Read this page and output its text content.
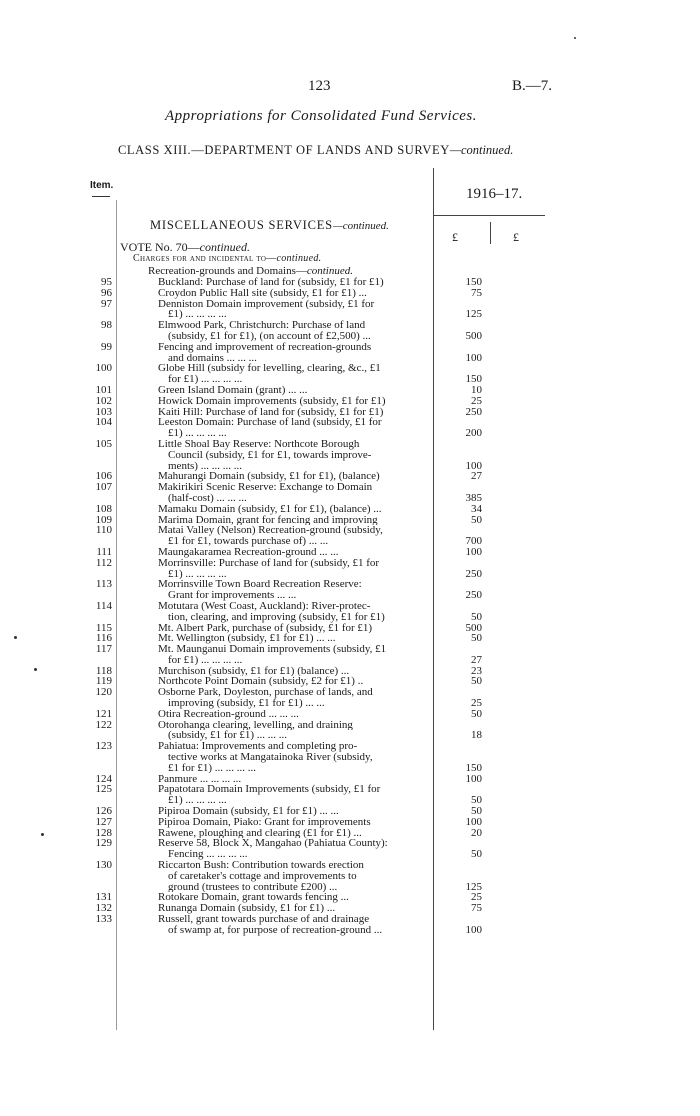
123	B.—7.
Appropriations for Consolidated Fund Services.
CLASS XIII.—DEPARTMENT OF LANDS AND SURVEY—continued.
Item.
1916–17.
£	£
MISCELLANEOUS SERVICES—continued.
VOTE No. 70—continued.
Charges for and incidental to—continued.
Recreation-grounds and Domains—continued.
95	Buckland: Purchase of land for (subsidy, £1 for £1)	150
96	Croydon Public Hall site (subsidy, £1 for £1) ...	75
97	Denniston Domain improvement (subsidy, £1 for
£1) ... ... ... ...	125
98	Elmwood Park, Christchurch: Purchase of land
(subsidy, £1 for £1), (on account of £2,500) ...	500
99	Fencing and improvement of recreation-grounds
and domains ... ... ...	100
100	Globe Hill (subsidy for levelling, clearing, &c., £1
for £1) ... ... ... ...	150
101	Green Island Domain (grant) ... ...	10
102	Howick Domain improvements (subsidy, £1 for £1)	25
103	Kaiti Hill: Purchase of land for (subsidy, £1 for £1)	250
104	Leeston Domain: Purchase of land (subsidy, £1 for
£1) ... ... ... ...	200
105	Little Shoal Bay Reserve: Northcote Borough
Council (subsidy, £1 for £1, towards improve-
ments) ... ... ... ...	100
106	Mahurangi Domain (subsidy, £1 for £1), (balance)	27
107	Makirikiri Scenic Reserve: Exchange to Domain
(half-cost) ... ... ...	385
108	Mamaku Domain (subsidy, £1 for £1), (balance) ...	34
109	Marima Domain, grant for fencing and improving	50
110	Matai Valley (Nelson) Recreation-ground (subsidy,
£1 for £1, towards purchase of) ... ...	700
111	Maungakaramea Recreation-ground ... ...	100
112	Morrinsville: Purchase of land for (subsidy, £1 for
£1) ... ... ... ...	250
113	Morrinsville Town Board Recreation Reserve:
Grant for improvements ... ...	250
114	Motutara (West Coast, Auckland): River-protec-
tion, clearing, and improving (subsidy, £1 for £1)	50
115	Mt. Albert Park, purchase of (subsidy, £1 for £1)	500
116	Mt. Wellington (subsidy, £1 for £1) ... ...	50
117	Mt. Maunganui Domain improvements (subsidy, £1
for £1) ... ... ... ...	27
118	Murchison (subsidy, £1 for £1) (balance) ...	23
119	Northcote Point Domain (subsidy, £2 for £1) ..	50
120	Osborne Park, Doyleston, purchase of lands, and
improving (subsidy, £1 for £1) ... ...	25
121	Otira Recreation-ground ... ... ...	50
122	Otorohanga clearing, levelling, and draining
(subsidy, £1 for £1) ... ... ...	18
123	Pahiatua: Improvements and completing pro-
tective works at Mangatainoka River (subsidy,
£1 for £1) ... ... ... ...	150
124	Panmure ... ... ... ...	100
125	Papatotara Domain Improvements (subsidy, £1 for
£1) ... ... ... ...	50
126	Pipiroa Domain (subsidy, £1 for £1) ... ...	50
127	Pipiroa Domain, Piako: Grant for improvements	100
128	Rawene, ploughing and clearing (£1 for £1) ...	20
129	Reserve 58, Block X, Mangahao (Pahiatua County):
Fencing ... ... ... ...	50
130	Riccarton Bush: Contribution towards erection
of caretaker's cottage and improvements to
ground (trustees to contribute £200) ...	125
131	Rotokare Domain, grant towards fencing ...	25
132	Runanga Domain (subsidy, £1 for £1) ...	75
133	Russell, grant towards purchase of and drainage
of swamp at, for purpose of recreation-ground ...	100
